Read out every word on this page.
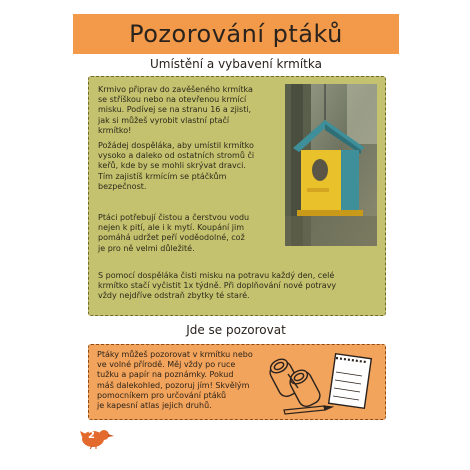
Pozorování ptáků
Umístění a vybavení krmítka

Krmivo připrav do zavěšeného krmítka
se stříškou nebo na otevřenou krmící
misku. Podívej se na stranu 16 a zjisti,
jak si můžeš vyrobit vlastní ptačí
krmítko!

Požádej dospěláka, aby umístil krmítko
vysoko a daleko od ostatních stromů či
keřů, kde by se mohli skrývat dravci.
Tím zajistíš krmícím se ptáčkům
bezpečnost.

Ptáci potřebují čistou a čerstvou vodu
nejen k pití, ale i k mytí. Koupání jim
pomáhá udržet peří voděodolné, což
je pro ně velmi důležité.

S pomocí dospěláka čisti misku na potravu každý den, celé
krmítko stačí vyčistit 1x týdně. Při doplňování nové potravy
vždy nejdříve odstraň zbytky té staré.

Jde se pozorovat

Ptáky můžeš pozorovat v krmítku nebo
ve volné přírodě. Měj vždy po ruce
tužku a papír na poznámky. Pokud
máš dalekohled, pozoruj jím! Skvělým
pomocníkem pro určování ptáků
je kapesní atlas jejich druhů.

2
